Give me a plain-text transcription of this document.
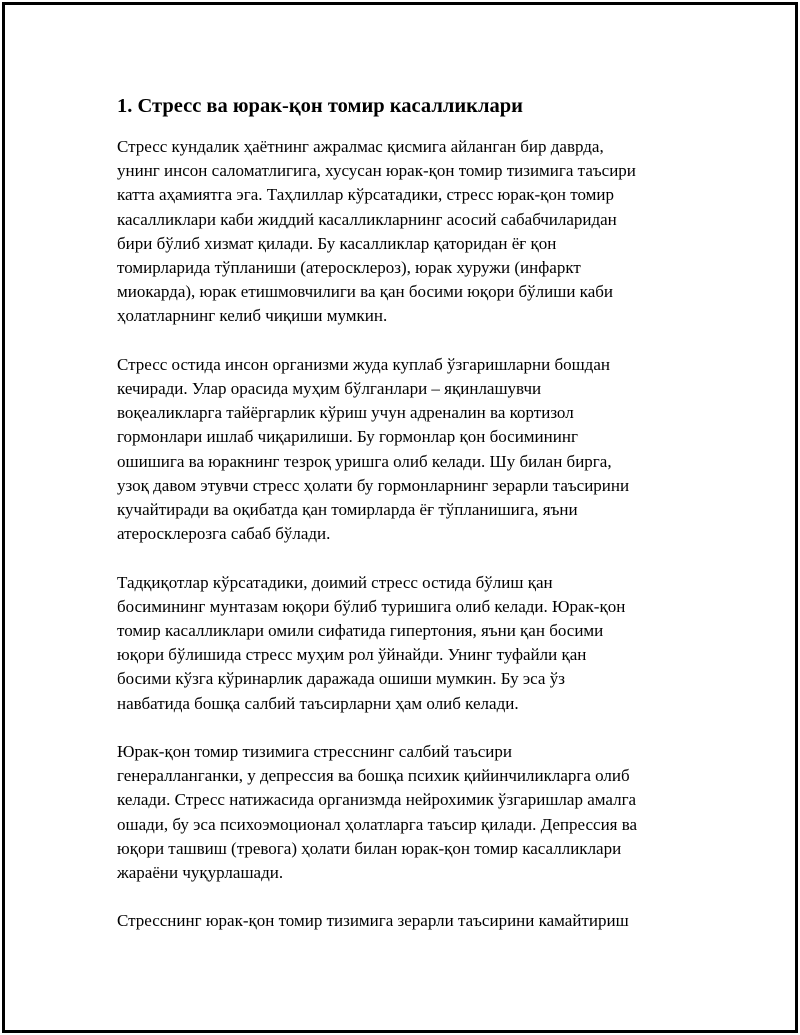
1. Стресс ва юрак-қон томир касалликлари

Стресс кундалик ҳаётнинг ажралмас қисмига айланган бир даврда,
унинг инсон саломатлигига, хусусан юрак-қон томир тизимига таъсири
катта аҳамиятга эга. Таҳлиллар кўрсатадики, стресс юрак-қон томир
касалликлари каби жиддий касалликларнинг асосий сабабчиларидан
бири бўлиб хизмат қилади. Бу касалликлар қаторидан ёғ қон
томирларида тўпланиши (атеросклероз), юрак хуружи (инфаркт
миокарда), юрак етишмовчилиги ва қан босими юқори бўлиши каби
ҳолатларнинг келиб чиқиши мумкин.

Стресс остида инсон организми жуда куплаб ўзгаришларни бошдан
кечиради. Улар орасида муҳим бўлганлари – яқинлашувчи
воқеаликларга тайёргарлик кўриш учун адреналин ва кортизол
гормонлари ишлаб чиқарилиши. Бу гормонлар қон босимининг
ошишига ва юракнинг тезроқ уришга олиб келади. Шу билан бирга,
узоқ давом этувчи стресс ҳолати бу гормонларнинг зерарли таъсирини
кучайтиради ва оқибатда қан томирларда ёғ тўпланишига, яъни
атеросклерозга сабаб бўлади.

Тадқиқотлар кўрсатадики, доимий стресс остида бўлиш қан
босимининг мунтазам юқори бўлиб туришига олиб келади. Юрак-қон
томир касалликлари омили сифатида гипертония, яъни қан босими
юқори бўлишида стресс муҳим рол ўйнайди. Унинг туфайли қан
босими кўзга кўринарлик даражада ошиши мумкин. Бу эса ўз
навбатида бошқа салбий таъсирларни ҳам олиб келади.

Юрак-қон томир тизимига стресснинг салбий таъсири
генералланганки, у депрессия ва бошқа психик қийинчиликларга олиб
келади. Стресс натижасида организмда нейрохимик ўзгаришлар амалга
ошади, бу эса психоэмоционал ҳолатларга таъсир қилади. Депрессия ва
юқори ташвиш (тревога) ҳолати билан юрак-қон томир касалликлари
жараёни чуқурлашади.

Стресснинг юрак-қон томир тизимига зерарли таъсирини камайтириш
